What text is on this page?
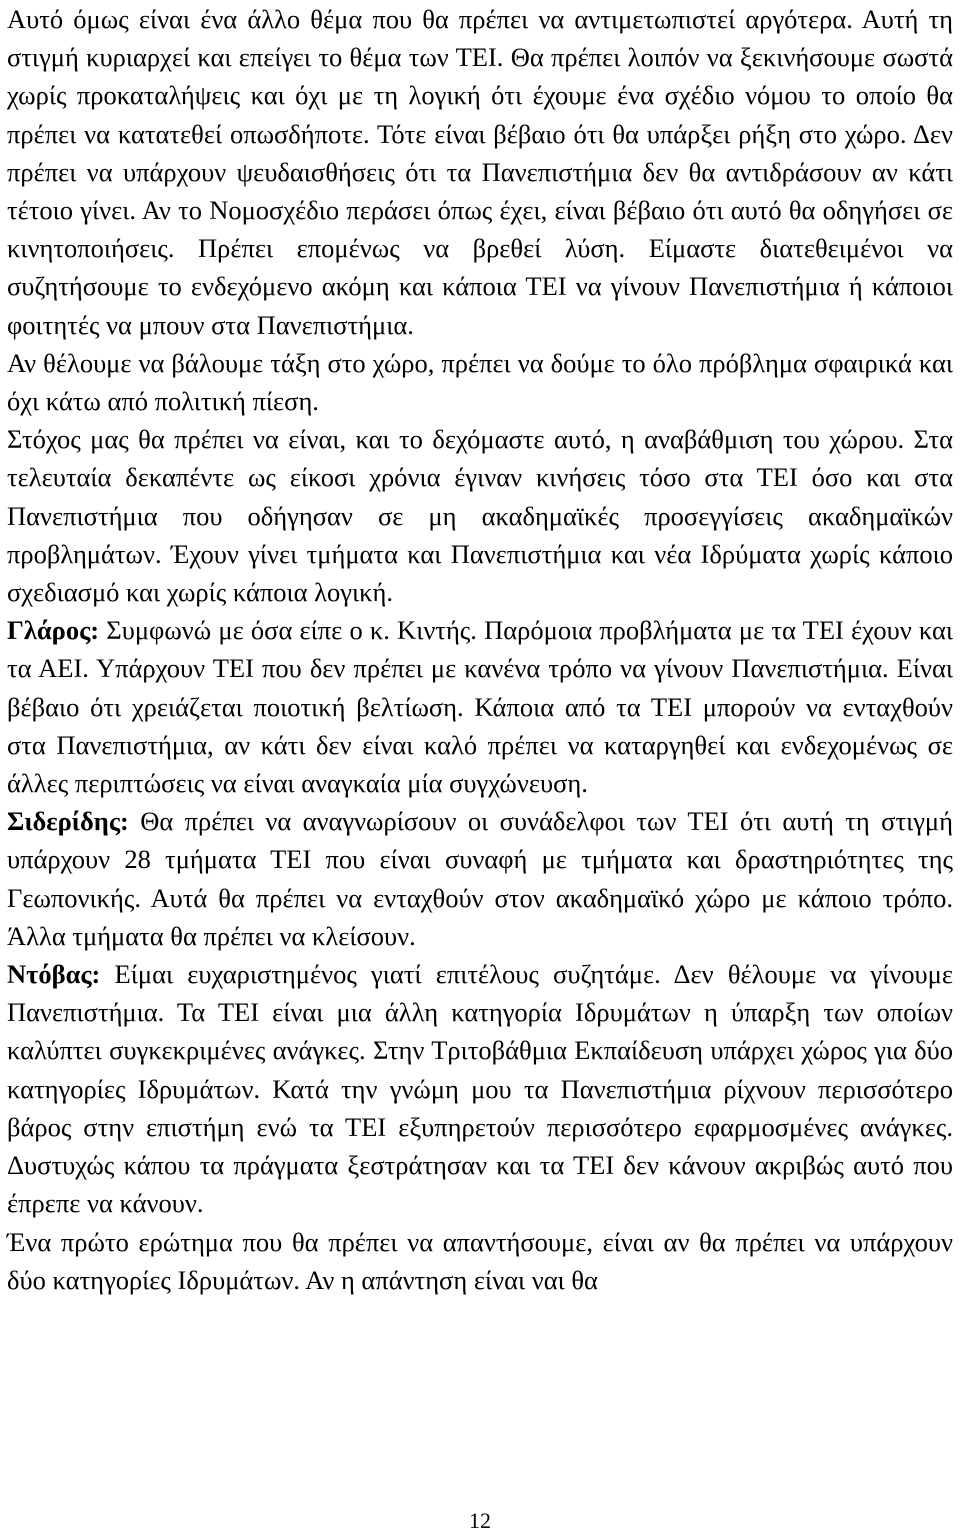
Αυτό όμως είναι ένα άλλο θέμα που θα πρέπει να αντιμετωπιστεί αργότερα. Αυτή τη στιγμή κυριαρχεί και επείγει το θέμα των ΤΕΙ. Θα πρέπει λοιπόν να ξεκινήσουμε σωστά χωρίς προκαταλήψεις και όχι με τη λογική ότι έχουμε ένα σχέδιο νόμου το οποίο θα πρέπει να κατατεθεί οπωσδήποτε. Τότε είναι βέβαιο ότι θα υπάρξει ρήξη στο χώρο. Δεν πρέπει να υπάρχουν ψευδαισθήσεις ότι τα Πανεπιστήμια δεν θα αντιδράσουν αν κάτι τέτοιο γίνει. Αν το Νομοσχέδιο περάσει όπως έχει, είναι βέβαιο ότι αυτό θα οδηγήσει σε κινητοποιήσεις. Πρέπει επομένως να βρεθεί λύση. Είμαστε διατεθειμένοι να συζητήσουμε το ενδεχόμενο ακόμη και κάποια ΤΕΙ να γίνουν Πανεπιστήμια ή κάποιοι φοιτητές να μπουν στα Πανεπιστήμια.

Αν θέλουμε να βάλουμε τάξη στο χώρο, πρέπει να δούμε το όλο πρόβλημα σφαιρικά και όχι κάτω από πολιτική πίεση.

Στόχος μας θα πρέπει να είναι, και το δεχόμαστε αυτό, η αναβάθμιση του χώρου. Στα τελευταία δεκαπέντε ως είκοσι χρόνια έγιναν κινήσεις τόσο στα ΤΕΙ όσο και στα Πανεπιστήμια που οδήγησαν σε μη ακαδημαϊκές προσεγγίσεις ακαδημαϊκών προβλημάτων. Έχουν γίνει τμήματα και Πανεπιστήμια και νέα Ιδρύματα χωρίς κάποιο σχεδιασμό και χωρίς κάποια λογική.

Γλάρος: Συμφωνώ με όσα είπε ο κ. Κιντής. Παρόμοια προβλήματα με τα ΤΕΙ έχουν και τα ΑΕΙ. Υπάρχουν ΤΕΙ που δεν πρέπει με κανένα τρόπο να γίνουν Πανεπιστήμια. Είναι βέβαιο ότι χρειάζεται ποιοτική βελτίωση. Κάποια από τα ΤΕΙ μπορούν να ενταχθούν στα Πανεπιστήμια, αν κάτι δεν είναι καλό πρέπει να καταργηθεί και ενδεχομένως σε άλλες περιπτώσεις να είναι αναγκαία μία συγχώνευση.

Σιδερίδης: Θα πρέπει να αναγνωρίσουν οι συνάδελφοι των ΤΕΙ ότι αυτή τη στιγμή υπάρχουν 28 τμήματα ΤΕΙ που είναι συναφή με τμήματα και δραστηριότητες της Γεωπονικής. Αυτά θα πρέπει να ενταχθούν στον ακαδημαϊκό χώρο με κάποιο τρόπο. Άλλα τμήματα θα πρέπει να κλείσουν.

Ντόβας: Είμαι ευχαριστημένος γιατί επιτέλους συζητάμε. Δεν θέλουμε να γίνουμε Πανεπιστήμια. Τα ΤΕΙ είναι μια άλλη κατηγορία Ιδρυμάτων η ύπαρξη των οποίων καλύπτει συγκεκριμένες ανάγκες. Στην Τριτοβάθμια Εκπαίδευση υπάρχει χώρος για δύο κατηγορίες Ιδρυμάτων. Κατά την γνώμη μου τα Πανεπιστήμια ρίχνουν περισσότερο βάρος στην επιστήμη ενώ τα ΤΕΙ εξυπηρετούν περισσότερο εφαρμοσμένες ανάγκες. Δυστυχώς κάπου τα πράγματα ξεστράτησαν και τα ΤΕΙ δεν κάνουν ακριβώς αυτό που έπρεπε να κάνουν.

Ένα πρώτο ερώτημα που θα πρέπει να απαντήσουμε, είναι αν θα πρέπει να υπάρχουν δύο κατηγορίες Ιδρυμάτων. Αν η απάντηση είναι ναι θα

12
